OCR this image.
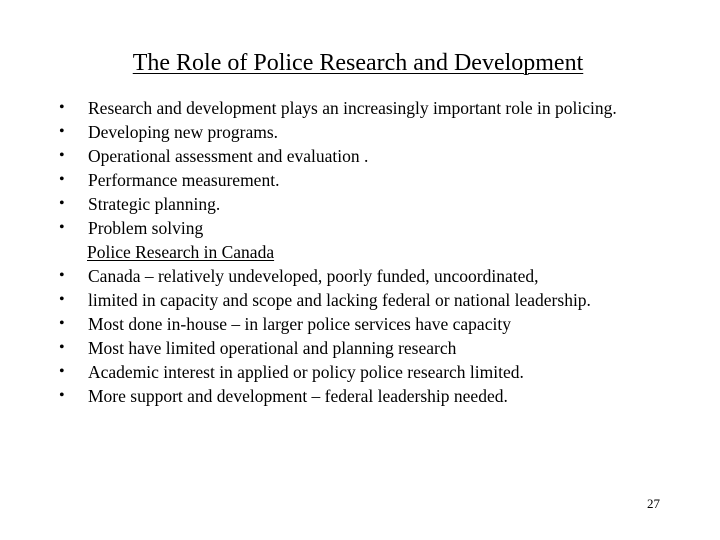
The Role of Police Research and Development
• Research and development plays an increasingly important role in policing.
• Developing new programs.
• Operational assessment and evaluation .
• Performance measurement.
• Strategic planning.
• Problem solving
Police Research in Canada
• Canada – relatively undeveloped, poorly funded, uncoordinated,
• limited in capacity and scope and lacking federal or national leadership.
• Most done in-house – in larger police services have capacity
• Most have limited operational and planning research
• Academic interest in applied or policy police research limited.
• More support and development – federal leadership needed.
27
